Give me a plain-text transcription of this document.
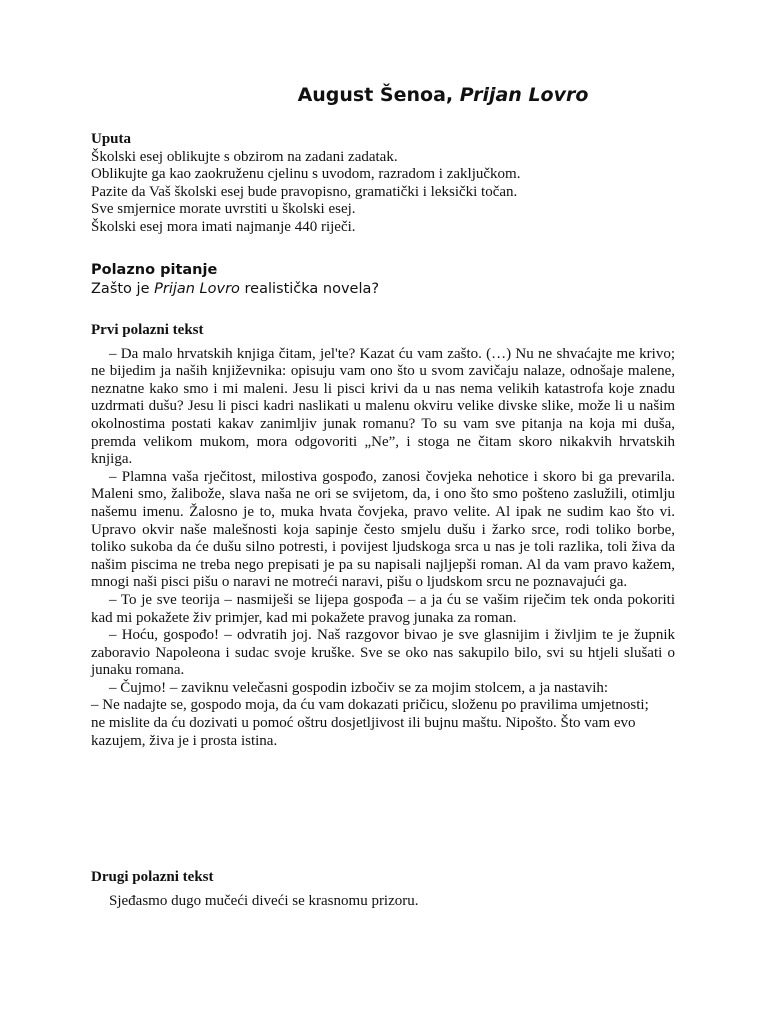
August Šenoa, Prijan Lovro
Uputa
Školski esej oblikujte s obzirom na zadani zadatak.
Oblikujte ga kao zaokruženu cjelinu s uvodom, razradom i zaključkom.
Pazite da Vaš školski esej bude pravopisno, gramatički i leksički točan.
Sve smjernice morate uvrstiti u školski esej.
Školski esej mora imati najmanje 440 riječi.
Polazno pitanje
Zašto je Prijan Lovro realistička novela?
Prvi polazni tekst
– Da malo hrvatskih knjiga čitam, jel'te? Kazat ću vam zašto. (…) Nu ne shvaćajte me krivo; ne bijedim ja naših književnika: opisuju vam ono što u svom zavičaju nalaze, odnošaje malene, neznatne kako smo i mi maleni. Jesu li pisci krivi da u nas nema velikih katastrofa koje znadu uzdrmati dušu? Jesu li pisci kadri naslikati u malenu okviru velike divske slike, može li u našim okolnostima postati kakav zanimljiv junak romanu? To su vam sve pitanja na koja mi duša, premda velikom mukom, mora odgovoriti „Ne”, i stoga ne čitam skoro nikakvih hrvatskih knjiga.
– Plamna vaša rječitost, milostiva gospođo, zanosi čovjeka nehotice i skoro bi ga prevarila. Maleni smo, žalibože, slava naša ne ori se svijetom, da, i ono što smo pošteno zaslužili, otimlju našemu imenu. Žalosno je to, muka hvata čovjeka, pravo velite. Al ipak ne sudim kao što vi. Upravo okvir naše malešnosti koja sapinje često smjelu dušu i žarko srce, rodi toliko borbe, toliko sukoba da će dušu silno potresti, i povijest ljudskoga srca u nas je toli razlika, toli živa da našim piscima ne treba nego prepisati je pa su napisali najljepši roman. Al da vam pravo kažem, mnogi naši pisci pišu o naravi ne motreći naravi, pišu o ljudskom srcu ne poznavajući ga.
– To je sve teorija – nasmiješi se lijepa gospođa – a ja ću se vašim riječim tek onda pokoriti kad mi pokažete živ primjer, kad mi pokažete pravog junaka za roman.
– Hoću, gospođo! – odvratih joj. Naš razgovor bivao je sve glasnijim i življim te je župnik zaboravio Napoleona i sudac svoje kruške. Sve se oko nas sakupilo bilo, svi su htjeli slušati o junaku romana.
– Čujmo! – zaviknu velečasni gospodin izbočiv se za mojim stolcem, a ja nastavih:
– Ne nadajte se, gospodo moja, da ću vam dokazati pričicu, složenu po pravilima umjetnosti;
ne mislite da ću dozivati u pomoć oštru dosjetljivost ili bujnu maštu. Nipošto. Što vam evo
kazujem, živa je i prosta istina.
Drugi polazni tekst
Sjeđasmo dugo mučeći diveći se krasnomu prizoru.
